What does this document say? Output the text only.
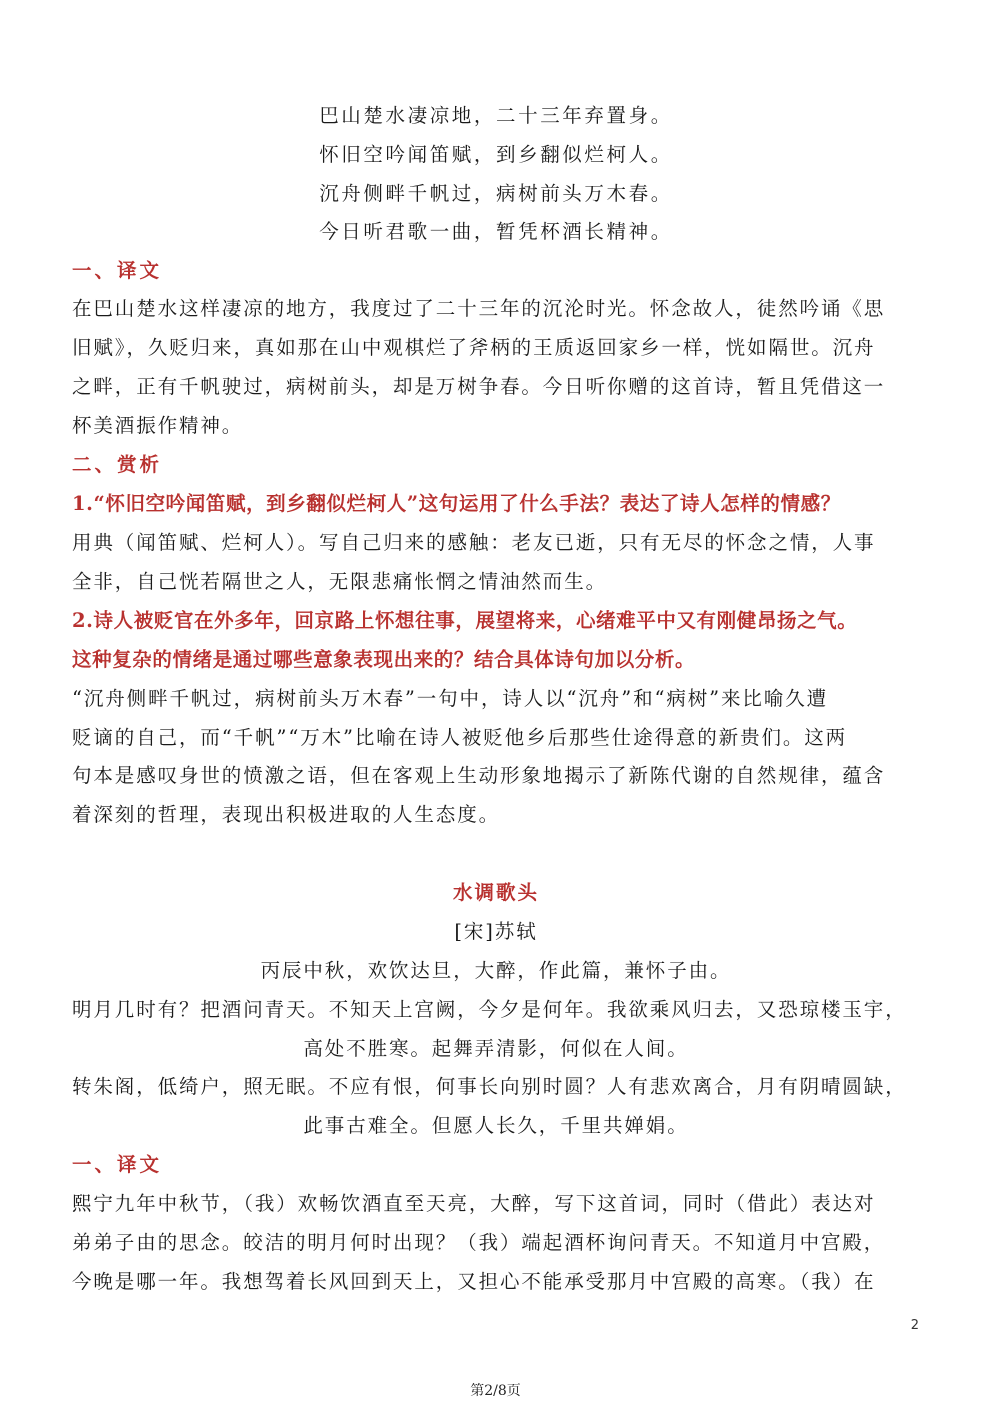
巴山楚水凄凉地，二十三年弃置身。
怀旧空吟闻笛赋，到乡翻似烂柯人。
沉舟侧畔千帆过，病树前头万木春。
今日听君歌一曲，暂凭杯酒长精神。
一、译文
在巴山楚水这样凄凉的地方，我度过了二十三年的沉沦时光。怀念故人，徒然吟诵《思
旧赋》，久贬归来，真如那在山中观棋烂了斧柄的王质返回家乡一样，恍如隔世。沉舟
之畔，正有千帆驶过，病树前头，却是万树争春。今日听你赠的这首诗，暂且凭借这一
杯美酒振作精神。
二、赏析
1.“怀旧空吟闻笛赋，到乡翻似烂柯人”这句运用了什么手法？表达了诗人怎样的情感？
用典（闻笛赋、烂柯人）。写自己归来的感触：老友已逝，只有无尽的怀念之情，人事
全非，自己恍若隔世之人，无限悲痛怅惘之情油然而生。
2.诗人被贬官在外多年，回京路上怀想往事，展望将来，心绪难平中又有刚健昂扬之气。
这种复杂的情绪是通过哪些意象表现出来的？结合具体诗句加以分析。
“沉舟侧畔千帆过，病树前头万木春”一句中，诗人以“沉舟”和“病树”来比喻久遭
贬谪的自己，而“千帆”“万木”比喻在诗人被贬他乡后那些仕途得意的新贵们。这两
句本是感叹身世的愤激之语，但在客观上生动形象地揭示了新陈代谢的自然规律，蕴含
着深刻的哲理，表现出积极进取的人生态度。
水调歌头
[宋]苏轼
丙辰中秋，欢饮达旦，大醉，作此篇，兼怀子由。
明月几时有？把酒问青天。不知天上宫阙，今夕是何年。我欲乘风归去，又恐琼楼玉宇，
高处不胜寒。起舞弄清影，何似在人间。
转朱阁，低绮户，照无眠。不应有恨，何事长向别时圆？人有悲欢离合，月有阴晴圆缺，
此事古难全。但愿人长久，千里共婵娟。
一、译文
熙宁九年中秋节，（我）欢畅饮酒直至天亮，大醉，写下这首词，同时（借此）表达对
弟弟子由的思念。皎洁的明月何时出现？（我）端起酒杯询问青天。不知道月中宫殿，
今晚是哪一年。我想驾着长风回到天上，又担心不能承受那月中宫殿的高寒。（我）在
2
第2/8页
